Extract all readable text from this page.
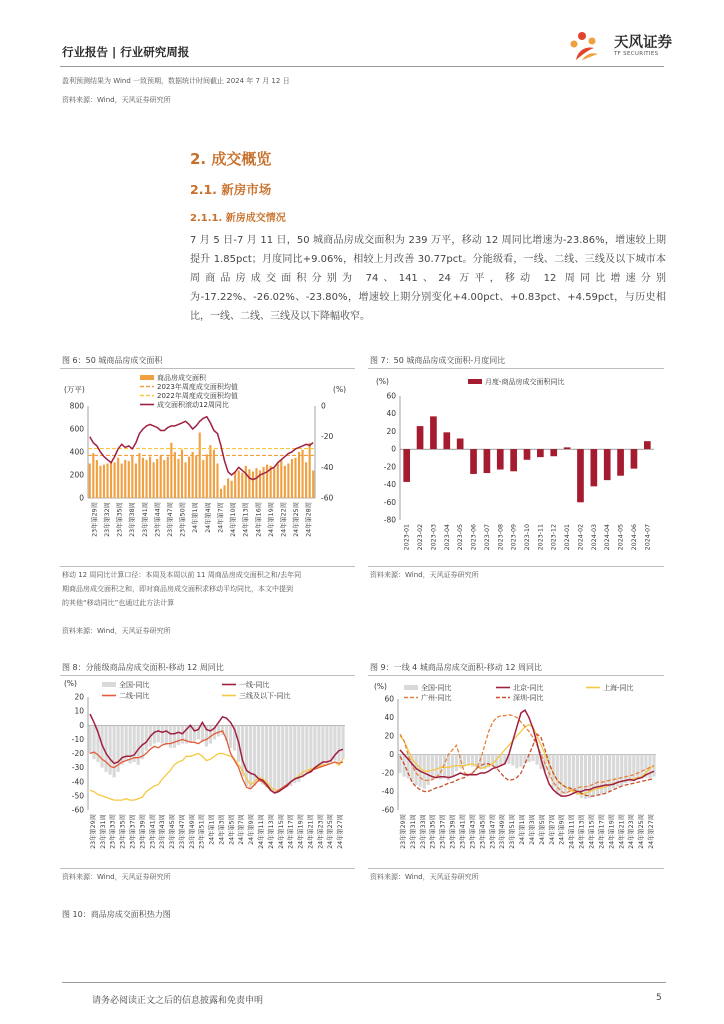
行业报告 | 行业研究周报
天风证券
TF SECURITIES
盈利预测结果为 Wind 一致预期，数据统计时间截止 2024 年 7 月 12 日
资料来源：Wind，天风证券研究所
2. 成交概览
2.1. 新房市场
2.1.1. 新房成交情况
7 月 5 日-7 月 11 日，50 城商品房成交面积为 239 万平，移动 12 周同比增速为-23.86%，增速较上期提升 1.85pct；月度同比+9.06%，相较上月改善 30.77pct。分能级看，一线、二线、三线及以下城市本周商品房成交面积分别为 74、141、24 万平，移动 12 周同比增速分别为-17.22%、-26.02%、-23.80%，增速较上期分别变化+4.00pct、+0.83pct、+4.59pct，与历史相比，一线、二线、三线及以下降幅收窄。
图 6：50 城商品房成交面积
(万平)	(%)
商品房成交面积
2023年周度成交面积均值
2022年周度成交面积均值
成交面积滚动12周同比
800
600
400
200
0
0
-20
-40
-60
23年第29周 23年第32周 23年第35周 23年第38周 23年第41周 23年第44周 23年第47周 23年第50周 24年第1周 24年第4周 24年第7周 24年第10周 24年第13周 24年第16周 24年第19周 24年第22周 24年第25周 24年第28周
移动 12 周同比计算口径：本周及本周以前 11 周商品房成交面积之和/去年同
期商品房成交面积之和，即对商品房成交面积求移动平均同比，本文中提到
的其他“移动同比”也通过此方法计算
资料来源：Wind，天风证券研究所
图 7：50 城商品房成交面积-月度同比
(%)	月度-商品房成交面积同比
60
40
20
0
-20
-40
-60
-80
2023-01 2023-02 2023-03 2023-04 2023-05 2023-06 2023-07 2023-08 2023-09 2023-10 2023-11 2023-12 2024-01 2024-02 2024-03 2024-04 2024-05 2024-06 2024-07
资料来源：Wind，天风证券研究所
图 8：分能级商品房成交面积-移动 12 周同比
(%)	全国-同比	一线-同比
二线-同比	三线及以下-同比
20
10
0
-10
-20
-30
-40
-50
-60
23年第29周 23年第31周 23年第33周 23年第35周 23年第37周 23年第39周 23年第41周 23年第43周 23年第45周 23年第47周 23年第49周 23年第51周 24年第1周 24年第3周 24年第5周 24年第7周 24年第9周 24年第11周 24年第13周 24年第15周 24年第17周 24年第19周 24年第21周 24年第23周 24年第25周 24年第27周
资料来源：Wind，天风证券研究所
图 9：一线 4 城商品房成交面积-移动 12 周同比
(%)	全国-同比	北京-同比	上海-同比
广州-同比	深圳-同比
60
40
20
0
-20
-40
-60
23年第29周 23年第31周 23年第33周 23年第35周 23年第37周 23年第39周 23年第41周 23年第43周 23年第45周 23年第47周 23年第49周 23年第51周 24年第1周 24年第3周 24年第5周 24年第7周 24年第9周 24年第11周 24年第13周 24年第15周 24年第17周 24年第19周 24年第21周 24年第23周 24年第25周 24年第27周
资料来源：Wind，天风证券研究所
图 10：商品房成交面积热力图
请务必阅读正文之后的信息披露和免责申明	5
